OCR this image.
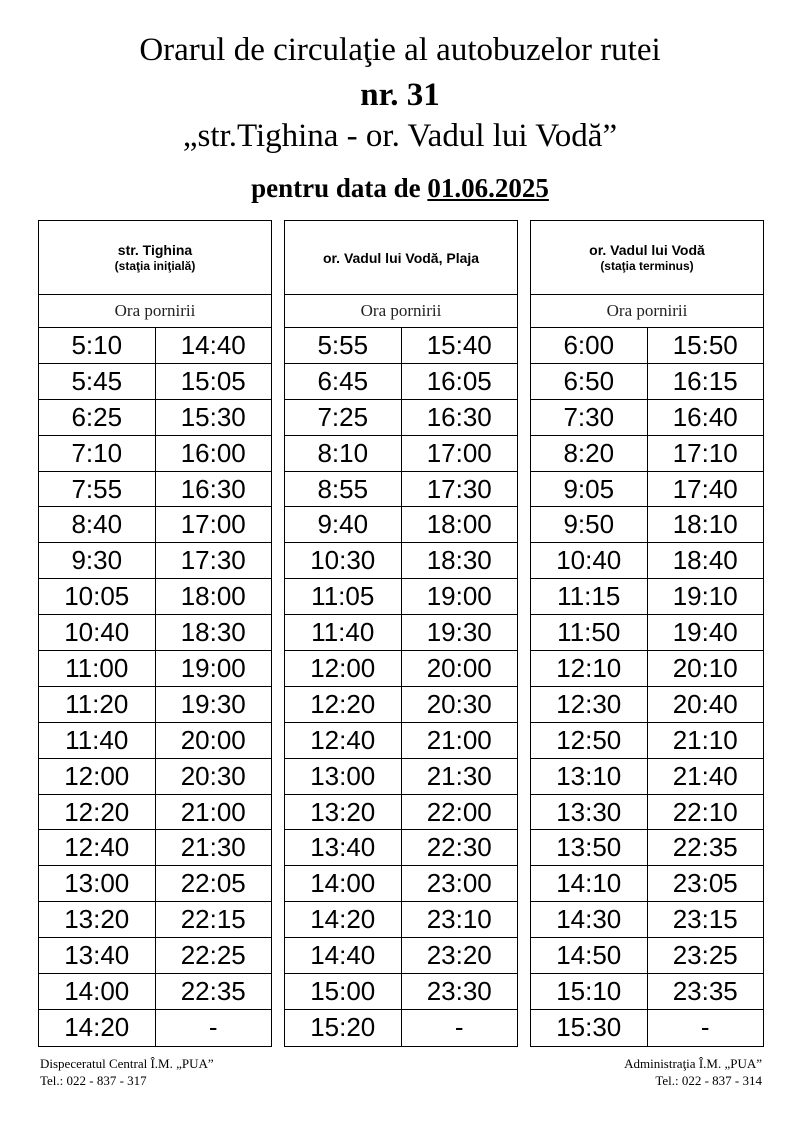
Orarul de circulaţie al autobuzelor rutei
nr. 31
„str.Tighina - or. Vadul lui Vodă”
pentru data de 01.06.2025
str. Tighina
(staţia iniţială)
Ora pornirii
5:10	14:40
5:45	15:05
6:25	15:30
7:10	16:00
7:55	16:30
8:40	17:00
9:30	17:30
10:05	18:00
10:40	18:30
11:00	19:00
11:20	19:30
11:40	20:00
12:00	20:30
12:20	21:00
12:40	21:30
13:00	22:05
13:20	22:15
13:40	22:25
14:00	22:35
14:20	-
or. Vadul lui Vodă, Plaja
Ora pornirii
5:55	15:40
6:45	16:05
7:25	16:30
8:10	17:00
8:55	17:30
9:40	18:00
10:30	18:30
11:05	19:00
11:40	19:30
12:00	20:00
12:20	20:30
12:40	21:00
13:00	21:30
13:20	22:00
13:40	22:30
14:00	23:00
14:20	23:10
14:40	23:20
15:00	23:30
15:20	-
or. Vadul lui Vodă
(staţia terminus)
Ora pornirii
6:00	15:50
6:50	16:15
7:30	16:40
8:20	17:10
9:05	17:40
9:50	18:10
10:40	18:40
11:15	19:10
11:50	19:40
12:10	20:10
12:30	20:40
12:50	21:10
13:10	21:40
13:30	22:10
13:50	22:35
14:10	23:05
14:30	23:15
14:50	23:25
15:10	23:35
15:30	-
Dispeceratul Central Î.M. „PUA”
Tel.: 022 - 837 - 317
Administraţia Î.M. „PUA”
Tel.: 022 - 837 - 314
